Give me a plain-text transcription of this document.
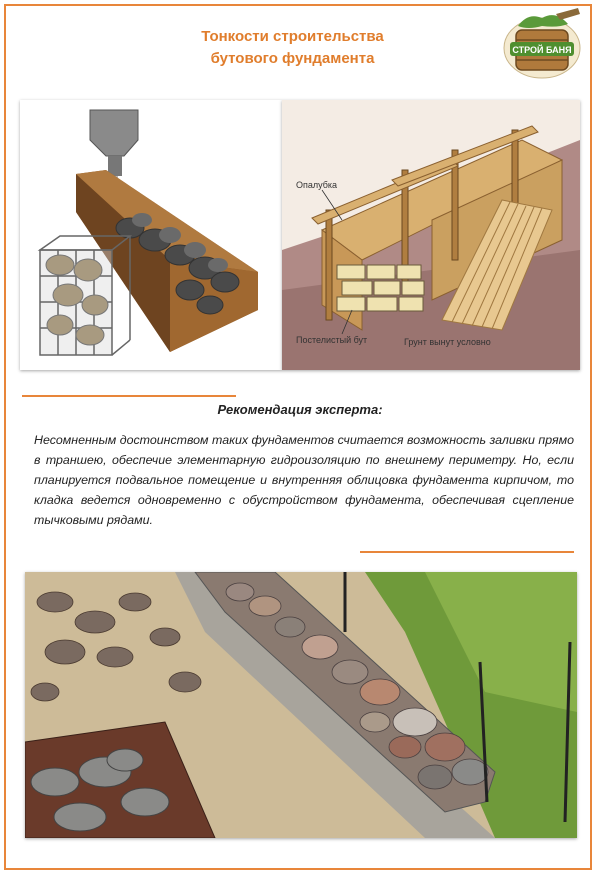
Тонкости строительства
бутового фундамента	СТРОЙ БАНЯ
Опалубка
Постелистый бут	Грунт вынут условно
Рекомендация эксперта:

Несомненным достоинством таких фундаментов считается возможность заливки прямо в траншею, обеспечие элементарную гидроизоляцию по внешнему периметру. Но, если планируется подвальное помещение и внутренняя облицовка фундамента кирпичом, то кладка ведется одновременно с обустройством фундамента, обеспечивая сцепление тычковыми рядами.
